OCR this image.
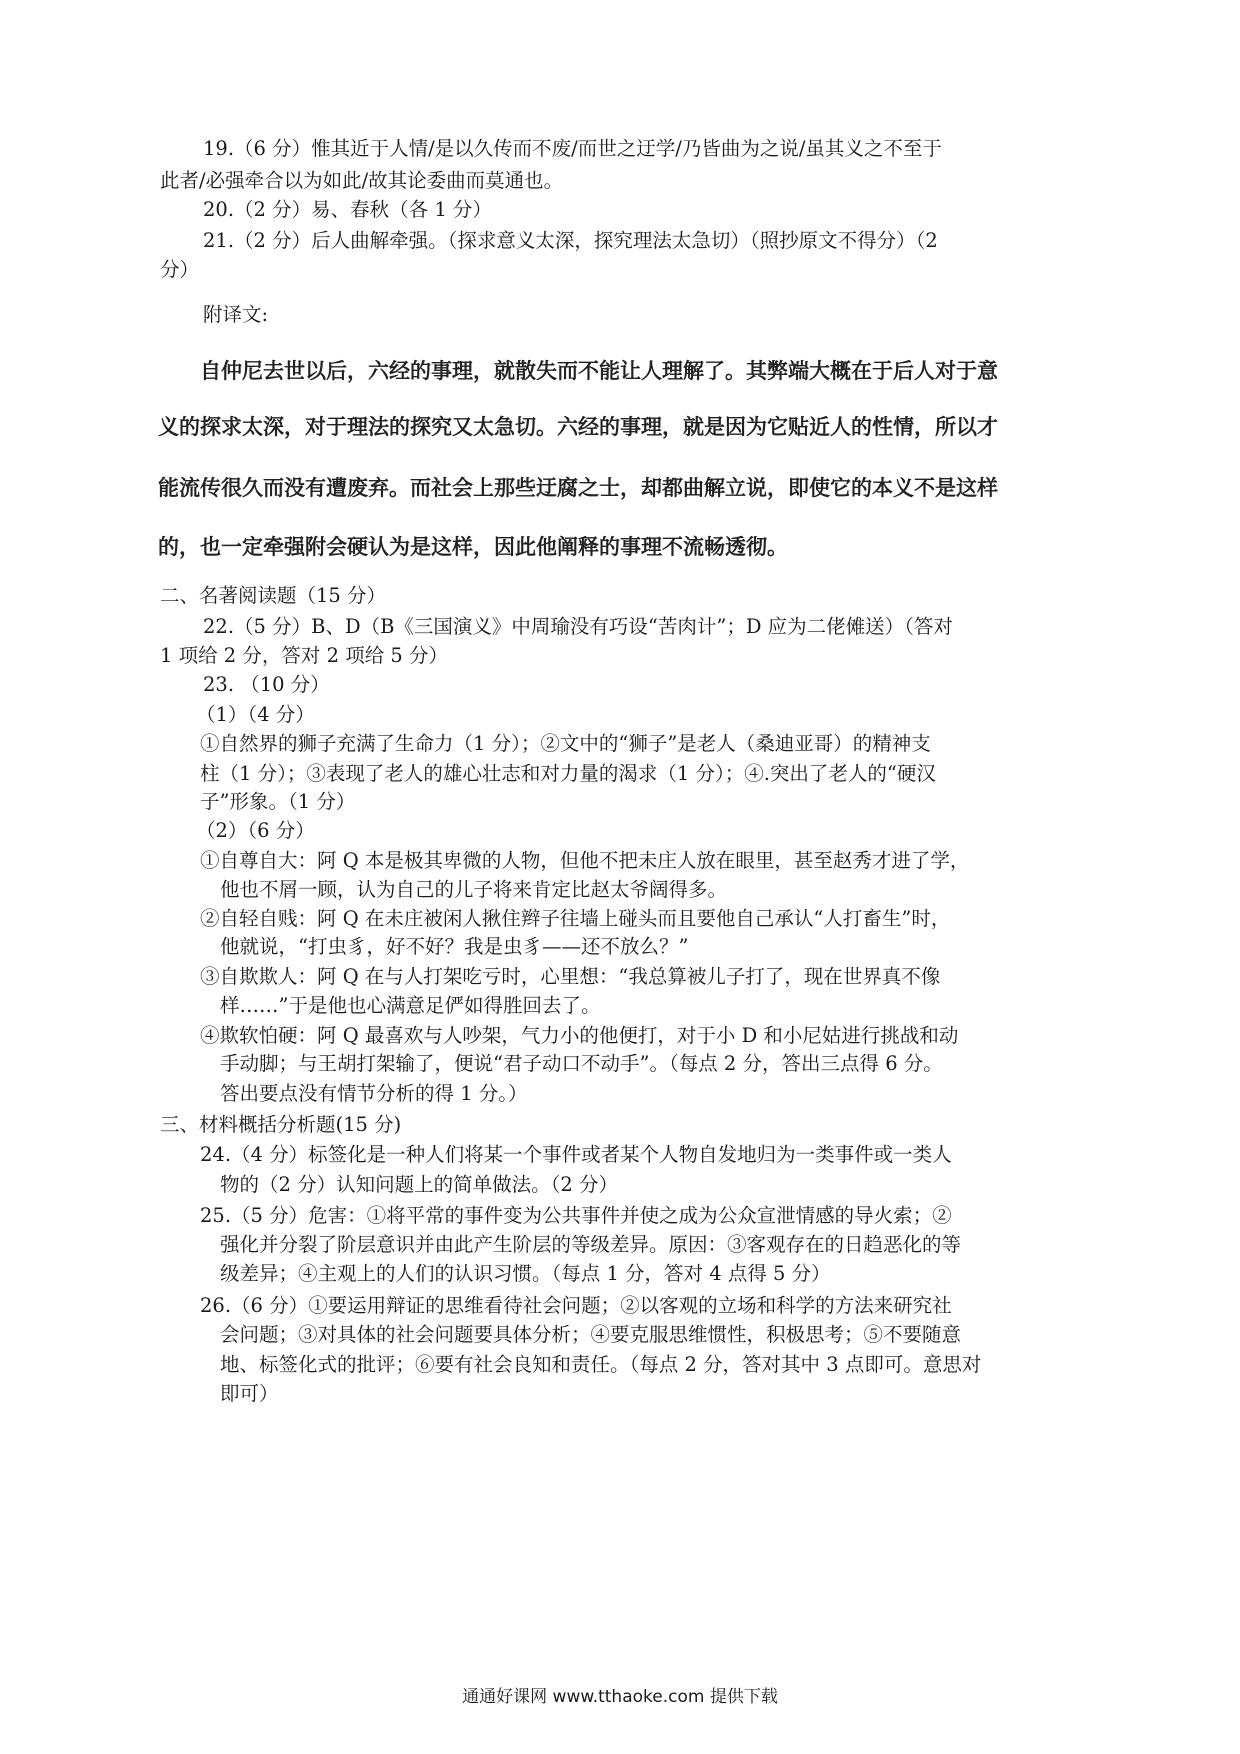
19.（6 分）惟其近于人情/是以久传而不废/而世之迂学/乃皆曲为之说/虽其义之不至于
此者/必强牵合以为如此/故其论委曲而莫通也。
20.（2 分）易、春秋（各 1 分）
21.（2 分）后人曲解牵强。（探求意义太深，探究理法太急切）（照抄原文不得分）（2
分）
附译文:
自仲尼去世以后，六经的事理，就散失而不能让人理解了。其弊端大概在于后人对于意
义的探求太深，对于理法的探究又太急切。六经的事理，就是因为它贴近人的性情，所以才
能流传很久而没有遭废弃。而社会上那些迂腐之士，却都曲解立说，即使它的本义不是这样
的，也一定牵强附会硬认为是这样，因此他阐释的事理不流畅透彻。
二、名著阅读题（15 分）
22.（5 分）B、D（B《三国演义》中周瑜没有巧设“苦肉计”；D 应为二佬傩送）（答对
1 项给 2 分，答对 2 项给 5 分）
23. （10 分）
（1）（4 分）
①自然界的狮子充满了生命力（1 分）；②文中的“狮子”是老人（桑迪亚哥）的精神支
柱（1 分）；③表现了老人的雄心壮志和对力量的渴求（1 分）；④.突出了老人的“硬汉
子”形象。（1 分）
（2）（6 分）
①自尊自大：阿 Q 本是极其卑微的人物，但他不把未庄人放在眼里，甚至赵秀才进了学，
他也不屑一顾，认为自己的儿子将来肯定比赵太爷阔得多。
②自轻自贱：阿 Q 在未庄被闲人揪住辫子往墙上碰头而且要他自己承认“人打畜生”时，
他就说，“打虫豸，好不好？我是虫豸——还不放么？”
③自欺欺人：阿 Q 在与人打架吃亏时，心里想：“我总算被儿子打了，现在世界真不像
样……”于是他也心满意足俨如得胜回去了。
④欺软怕硬：阿 Q 最喜欢与人吵架，气力小的他便打，对于小 D 和小尼姑进行挑战和动
手动脚；与王胡打架输了，便说“君子动口不动手”。（每点 2 分，答出三点得 6 分。
答出要点没有情节分析的得 1 分。）
三、材料概括分析题(15 分)
24.（4 分）标签化是一种人们将某一个事件或者某个人物自发地归为一类事件或一类人
物的（2 分）认知问题上的简单做法。（2 分）
25.（5 分）危害：①将平常的事件变为公共事件并使之成为公众宣泄情感的导火索；②
强化并分裂了阶层意识并由此产生阶层的等级差异。原因：③客观存在的日趋恶化的等
级差异；④主观上的人们的认识习惯。（每点 1 分，答对 4 点得 5 分）
26.（6 分）①要运用辩证的思维看待社会问题；②以客观的立场和科学的方法来研究社
会问题；③对具体的社会问题要具体分析；④要克服思维惯性，积极思考；⑤不要随意
地、标签化式的批评；⑥要有社会良知和责任。（每点 2 分，答对其中 3 点即可。意思对
即可）
通通好课网 www.tthaoke.com 提供下载
